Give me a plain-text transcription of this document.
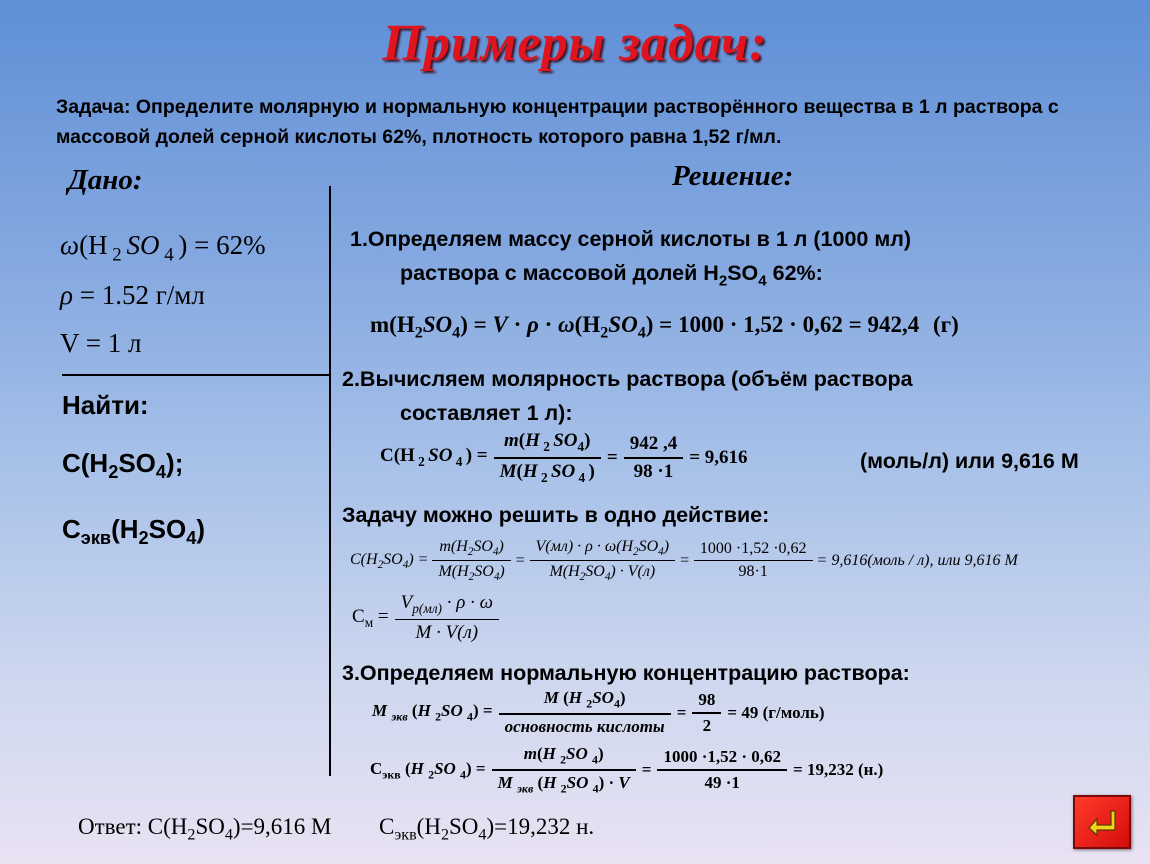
Примеры задач:
Задача: Определите молярную и нормальную концентрации растворённого вещества в 1 л раствора с массовой долей серной кислоты 62%, плотность которого равна 1,52 г/мл.
Дано:
ω(H $_2$ SO $_4$ ) = 62%
ρ = 1.52 г/мл
V = 1 л
Найти:
$C(H_2SO_4)$;
$C_{экв}(H_2SO_4)$
Решение:
1.Определяем массу серной кислоты в 1 л (1000 мл)
раствора с массовой долей $H_2SO_4$ 62%:
$m(H_2SO_4) = V \cdot \rho \cdot \omega(H_2SO_4) = 1000 \cdot 1,52 \cdot 0,62 = 942,4$ (г)
2.Вычисляем молярность раствора (объём раствора
составляет 1 л):
C(H $_2$ SO $_4$ ) = $\frac{m(H _2 SO_4)}{M(H _2 SO _4 )} = \frac{942 ,4}{98 \cdot 1} = 9,616$	(моль/л) или 9,616 М
Задачу можно решить в одно действие:
$C(H_2SO_4) = \frac{m(H_2SO_4)}{M(H_2SO_4)} = \frac{V(мл) \cdot \rho \cdot \omega(H_2SO_4)}{M(H_2SO_4) \cdot V(л)} = \frac{1000 \cdot 1,52 \cdot 0,62}{98\cdot 1}$ = 9,616(моль / л), или 9,616 М
$C_м = \frac{V_{р(мл)} \cdot \rho \cdot \omega}{M \cdot V(л)}$
3.Определяем нормальную концентрацию раствора:
M $_{экв}$ (H $_2$SO $_4) = \frac{M (H _2SO_4)}{\text{основность кислоты}} = \frac{98}{2} = 49$ (г/моль)
$C_{экв}$ (H $_2$SO $_4) = \frac{m(H _2SO _4)}{M _{экв} (H _2SO _4) \cdot V} = \frac{1000 \cdot 1,52 \cdot 0,62}{49 \cdot 1} = 19,232$ (н.)
Ответ: $C(H_2SO_4)=9,616$ М $C_{экв}(H_2SO_4)=19,232$ н.
